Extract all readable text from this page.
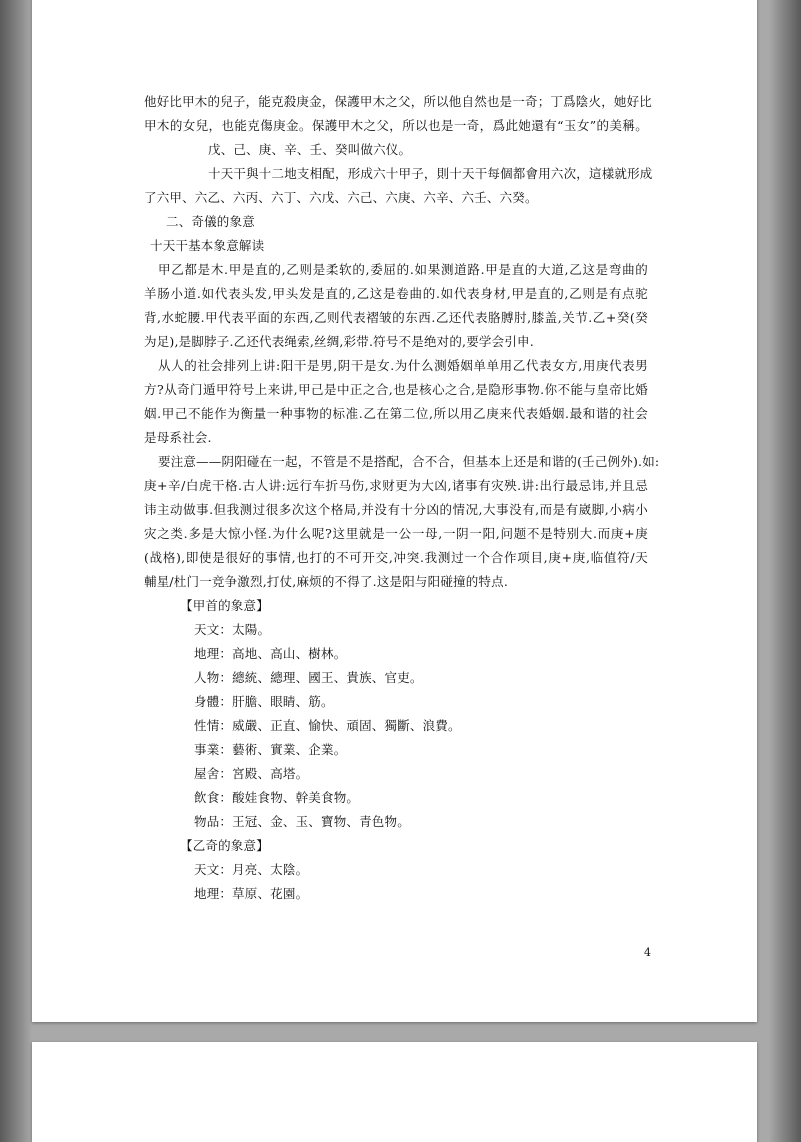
他好比甲木的兒子，能克殺庚金，保護甲木之父，所以他自然也是一奇；丁爲陰火，她好比
甲木的女兒，也能克傷庚金。保護甲木之父，所以也是一奇，爲此她還有“玉女”的美稱。
戊、己、庚、辛、壬、癸叫做六仪。
十天干與十二地支相配，形成六十甲子，則十天干每個都會用六次，這樣就形成
了六甲、六乙、六丙、六丁、六戊、六己、六庚、六辛、六壬、六癸。
二、奇儀的象意
十天干基本象意解读
甲乙都是木.甲是直的,乙则是柔软的,委屈的.如果测道路.甲是直的大道,乙这是弯曲的
羊肠小道.如代表头发,甲头发是直的,乙这是卷曲的.如代表身材,甲是直的,乙则是有点驼
背,水蛇腰.甲代表平面的东西,乙则代表褶皱的东西.乙还代表胳膊肘,膝盖,关节.乙+癸(癸
为足),是脚脖子.乙还代表绳索,丝绸,彩带.符号不是绝对的,要学会引申.
从人的社会排列上讲:阳干是男,阴干是女.为什么测婚姻单单用乙代表女方,用庚代表男
方?从奇门遁甲符号上来讲,甲己是中正之合,也是核心之合,是隐形事物.你不能与皇帝比婚
姻.甲己不能作为衡量一种事物的标准.乙在第二位,所以用乙庚来代表婚姻.最和谐的社会
是母系社会.
要注意——阴阳碰在一起，不管是不是搭配，合不合，但基本上还是和谐的(壬己例外).如:
庚+辛/白虎干格.古人讲:远行车折马伤,求财更为大凶,诸事有灾殃.讲:出行最忌讳,并且忌
讳主动做事.但我测过很多次这个格局,并没有十分凶的情况,大事没有,而是有崴脚,小病小
灾之类.多是大惊小怪.为什么呢?这里就是一公一母,一阴一阳,问题不是特别大.而庚+庚
(战格),即使是很好的事情,也打的不可开交,冲突.我测过一个合作项目,庚+庚,临值符/天
輔星/杜门一竞争激烈,打仗,麻烦的不得了.这是阳与阳碰撞的特点.
【甲首的象意】
天文：太陽。
地理：高地、高山、樹林。
人物：總統、總理、國王、貴族、官吏。
身體：肝膽、眼睛、筋。
性情：威嚴、正直、愉快、頑固、獨斷、浪費。
事業：藝術、實業、企業。
屋舍：宮殿、高塔。
飲食：酸娃食物、幹美食物。
物品：王冠、金、玉、寶物、青色物。
【乙奇的象意】
天文：月亮、太陰。
地理：草原、花園。
4
